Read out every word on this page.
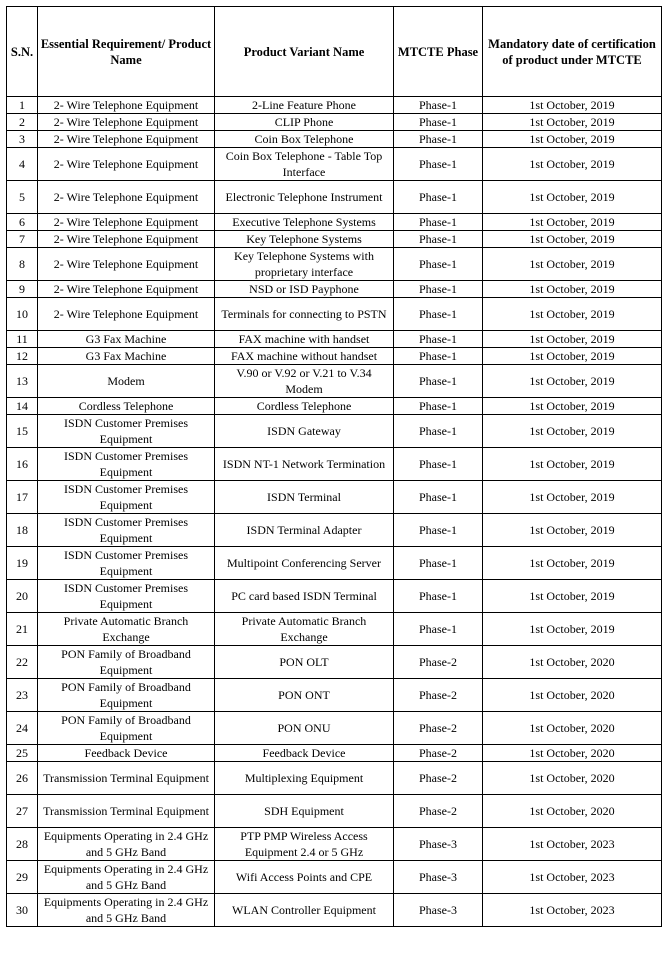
S.N.	Essential Requirement/ Product Name	Product Variant Name	MTCTE Phase	Mandatory date of certification of product under MTCTE
1	2- Wire Telephone Equipment	2-Line Feature Phone	Phase-1	1st October, 2019
2	2- Wire Telephone Equipment	CLIP Phone	Phase-1	1st October, 2019
3	2- Wire Telephone Equipment	Coin Box Telephone	Phase-1	1st October, 2019
4	2- Wire Telephone Equipment	Coin Box Telephone - Table Top Interface	Phase-1	1st October, 2019
5	2- Wire Telephone Equipment	Electronic Telephone Instrument	Phase-1	1st October, 2019
6	2- Wire Telephone Equipment	Executive Telephone Systems	Phase-1	1st October, 2019
7	2- Wire Telephone Equipment	Key Telephone Systems	Phase-1	1st October, 2019
8	2- Wire Telephone Equipment	Key Telephone Systems with proprietary interface	Phase-1	1st October, 2019
9	2- Wire Telephone Equipment	NSD or ISD Payphone	Phase-1	1st October, 2019
10	2- Wire Telephone Equipment	Terminals for connecting to PSTN	Phase-1	1st October, 2019
11	G3 Fax Machine	FAX machine with handset	Phase-1	1st October, 2019
12	G3 Fax Machine	FAX machine without handset	Phase-1	1st October, 2019
13	Modem	V.90 or V.92 or V.21 to V.34 Modem	Phase-1	1st October, 2019
14	Cordless Telephone	Cordless Telephone	Phase-1	1st October, 2019
15	ISDN Customer Premises Equipment	ISDN Gateway	Phase-1	1st October, 2019
16	ISDN Customer Premises Equipment	ISDN NT-1 Network Termination	Phase-1	1st October, 2019
17	ISDN Customer Premises Equipment	ISDN Terminal	Phase-1	1st October, 2019
18	ISDN Customer Premises Equipment	ISDN Terminal Adapter	Phase-1	1st October, 2019
19	ISDN Customer Premises Equipment	Multipoint Conferencing Server	Phase-1	1st October, 2019
20	ISDN Customer Premises Equipment	PC card based ISDN Terminal	Phase-1	1st October, 2019
21	Private Automatic Branch Exchange	Private Automatic Branch Exchange	Phase-1	1st October, 2019
22	PON Family of Broadband Equipment	PON OLT	Phase-2	1st October, 2020
23	PON Family of Broadband Equipment	PON ONT	Phase-2	1st October, 2020
24	PON Family of Broadband Equipment	PON ONU	Phase-2	1st October, 2020
25	Feedback Device	Feedback Device	Phase-2	1st October, 2020
26	Transmission Terminal Equipment	Multiplexing Equipment	Phase-2	1st October, 2020
27	Transmission Terminal Equipment	SDH Equipment	Phase-2	1st October, 2020
28	Equipments Operating in 2.4 GHz and 5 GHz Band	PTP PMP Wireless Access Equipment 2.4 or 5 GHz	Phase-3	1st October, 2023
29	Equipments Operating in 2.4 GHz and 5 GHz Band	Wifi Access Points and CPE	Phase-3	1st October, 2023
30	Equipments Operating in 2.4 GHz and 5 GHz Band	WLAN Controller Equipment	Phase-3	1st October, 2023
